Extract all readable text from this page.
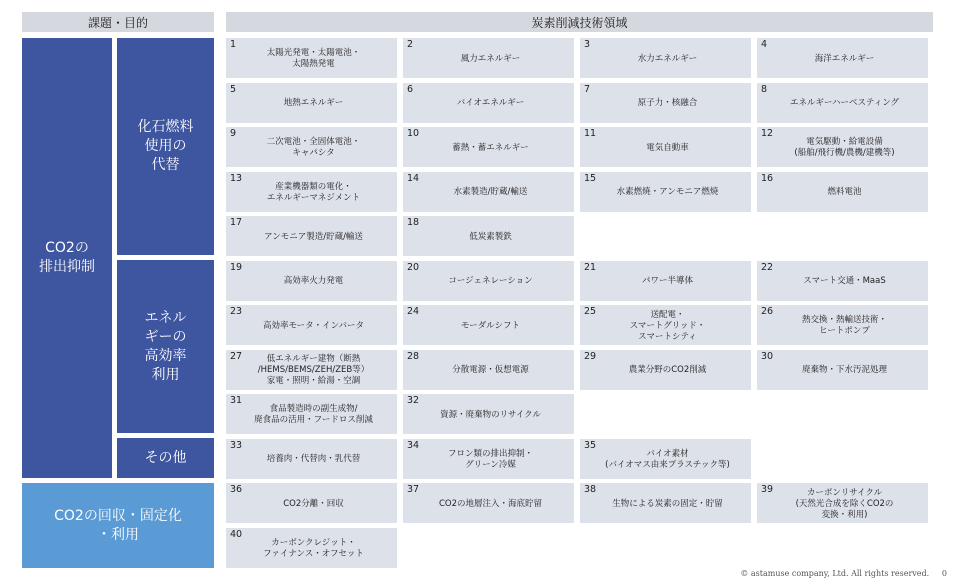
課題・目的	炭素削減技術領域
CO2の
排出抑制
化石燃料
使用の
代替
エネル
ギーの
高効率
利用
その他
CO2の回収・固定化
・利用
1
太陽光発電・太陽電池・
太陽熱発電
2
風力エネルギー
3
水力エネルギー
4
海洋エネルギー
5
地熱エネルギー
6
バイオエネルギー
7
原子力・核融合
8
エネルギーハーベスティング
9
二次電池・全固体電池・
キャパシタ
10
蓄熱・蓄エネルギー
11
電気自動車
12
電気駆動・給電設備
(船舶/飛行機/農機/建機等)
13
産業機器類の電化・
エネルギーマネジメント
14
水素製造/貯蔵/輸送
15
水素燃焼・アンモニア燃焼
16
燃料電池
17
アンモニア製造/貯蔵/輸送
18
低炭素製鉄
19
高効率火力発電
20
コージェネレーション
21
パワー半導体
22
スマート交通・MaaS
23
高効率モータ・インバータ
24
モーダルシフト
25	送配電・
スマートグリッド・
スマートシティ
26
熱交換・熱輸送技術・
ヒートポンプ
27	低エネルギー建物（断熱
/HEMS/BEMS/ZEH/ZEB等）
家電・照明・給湯・空調
28
分散電源・仮想電源
29
農業分野のCO2削減
30
廃棄物・下水汚泥処理
31
食品製造時の副生成物/
廃食品の活用・フードロス削減
32
資源・廃棄物のリサイクル
33
培養肉・代替肉・乳代替
34
フロン類の排出抑制・
グリーン冷媒
35
バイオ素材
(バイオマス由来プラスチック等)
36
CO2分離・回収
37
CO2の地層注入・海底貯留
38
生物による炭素の固定・貯留
39	カーボンリサイクル
(天然光合成を除くCO2の
変換・利用)
40
カーボンクレジット・
ファイナンス・オフセット
© astamuse company, Ltd. All rights reserved. 0
